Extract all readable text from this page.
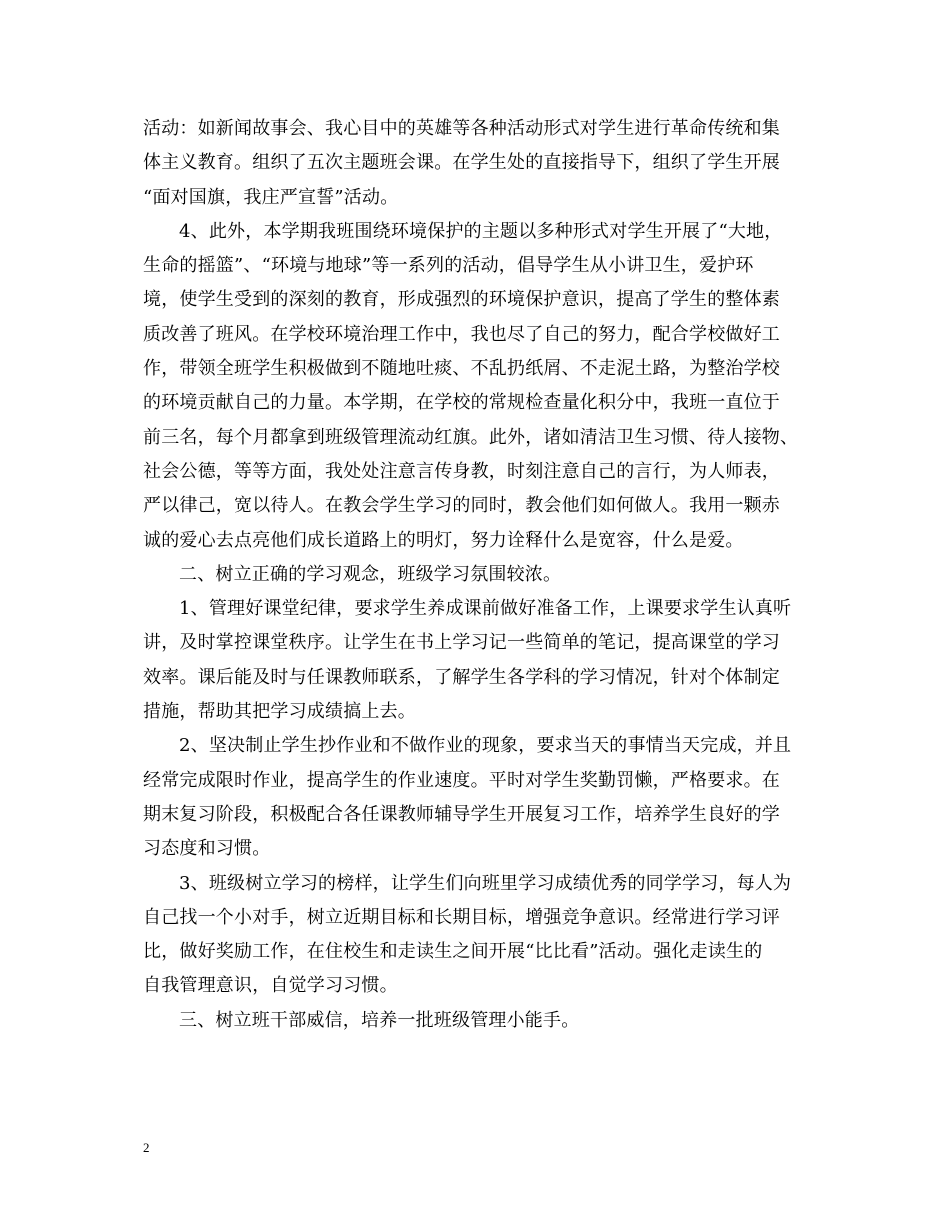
活动：如新闻故事会、我心目中的英雄等各种活动形式对学生进行革命传统和集
体主义教育。组织了五次主题班会课。在学生处的直接指导下，组织了学生开展
“面对国旗，我庄严宣誓”活动。
4、此外，本学期我班围绕环境保护的主题以多种形式对学生开展了“大地，
生命的摇篮”、“环境与地球”等一系列的活动，倡导学生从小讲卫生，爱护环
境，使学生受到的深刻的教育，形成强烈的环境保护意识，提高了学生的整体素
质改善了班风。在学校环境治理工作中，我也尽了自己的努力，配合学校做好工
作，带领全班学生积极做到不随地吐痰、不乱扔纸屑、不走泥土路，为整治学校
的环境贡献自己的力量。本学期，在学校的常规检查量化积分中，我班一直位于
前三名，每个月都拿到班级管理流动红旗。此外，诸如清洁卫生习惯、待人接物、
社会公德，等等方面，我处处注意言传身教，时刻注意自己的言行，为人师表，
严以律己，宽以待人。在教会学生学习的同时，教会他们如何做人。我用一颗赤
诚的爱心去点亮他们成长道路上的明灯，努力诠释什么是宽容，什么是爱。
二、树立正确的学习观念，班级学习氛围较浓。
1、管理好课堂纪律，要求学生养成课前做好准备工作，上课要求学生认真听
讲，及时掌控课堂秩序。让学生在书上学习记一些简单的笔记，提高课堂的学习
效率。课后能及时与任课教师联系，了解学生各学科的学习情况，针对个体制定
措施，帮助其把学习成绩搞上去。
2、坚决制止学生抄作业和不做作业的现象，要求当天的事情当天完成，并且
经常完成限时作业，提高学生的作业速度。平时对学生奖勤罚懒，严格要求。在
期末复习阶段，积极配合各任课教师辅导学生开展复习工作，培养学生良好的学
习态度和习惯。
3、班级树立学习的榜样，让学生们向班里学习成绩优秀的同学学习，每人为
自己找一个小对手，树立近期目标和长期目标，增强竞争意识。经常进行学习评
比，做好奖励工作，在住校生和走读生之间开展“比比看”活动。强化走读生的
自我管理意识，自觉学习习惯。
三、树立班干部威信，培养一批班级管理小能手。
2
